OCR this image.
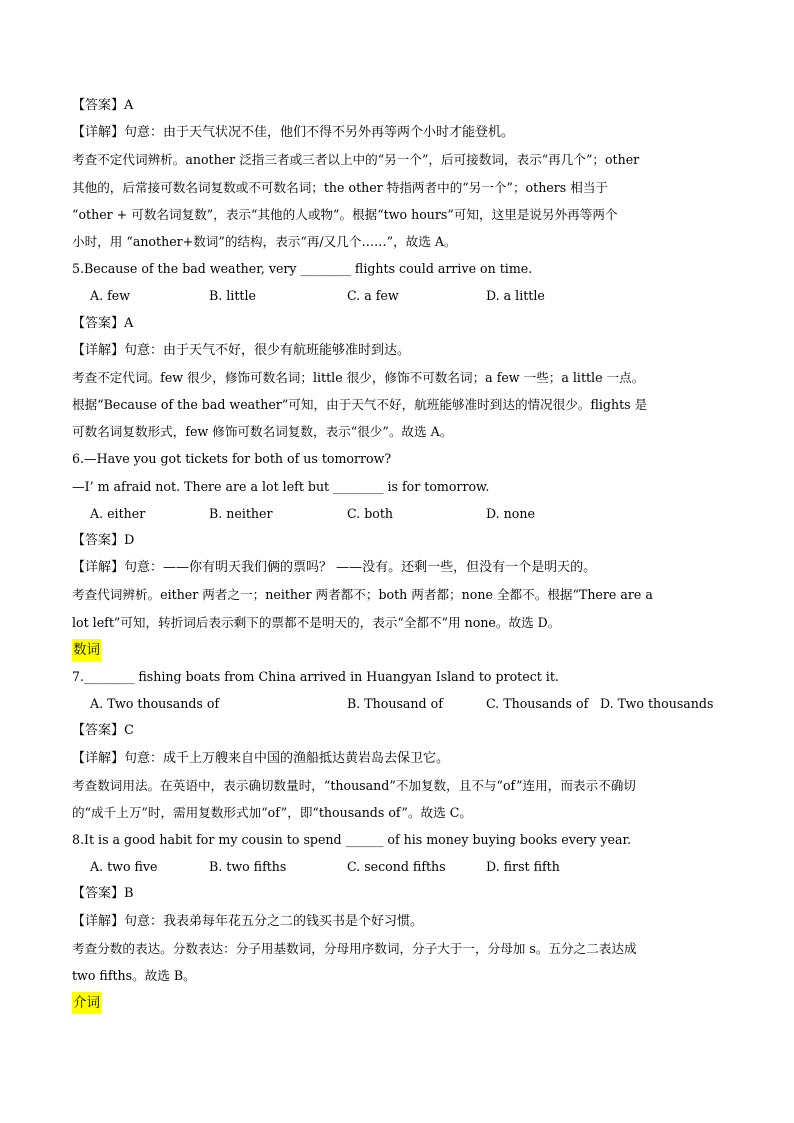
【答案】A
【详解】句意：由于天气状况不佳，他们不得不另外再等两个小时才能登机。
考查不定代词辨析。another 泛指三者或三者以上中的“另一个”，后可接数词，表示“再几个”；other
其他的，后常接可数名词复数或不可数名词；the other 特指两者中的“另一个”；others 相当于
“other + 可数名词复数”，表示“其他的人或物”。根据“two hours”可知，这里是说另外再等两个
小时，用 “another+数词”的结构，表示“再/又几个……”，故选 A。
5.Because of the bad weather, very ________ flights could arrive on time.
A. few	B. little	C. a few	D. a little
【答案】A
【详解】句意：由于天气不好，很少有航班能够准时到达。
考查不定代词。few 很少，修饰可数名词；little 很少，修饰不可数名词；a few 一些；a little 一点。
根据“Because of the bad weather”可知，由于天气不好，航班能够准时到达的情况很少。flights 是
可数名词复数形式，few 修饰可数名词复数，表示“很少”。故选 A。
6.—Have you got tickets for both of us tomorrow?
—I’ m afraid not. There are a lot left but ________ is for tomorrow.
A. either	B. neither	C. both	D. none
【答案】D
【详解】句意：——你有明天我们俩的票吗？ ——没有。还剩一些，但没有一个是明天的。
考查代词辨析。either 两者之一；neither 两者都不；both 两者都；none 全都不。根据“There are a
lot left”可知，转折词后表示剩下的票都不是明天的，表示“全都不”用 none。故选 D。
数词
7.________ fishing boats from China arrived in Huangyan Island to protect it.
A. Two thousands of	B. Thousand of	C. Thousands of D. Two thousands
【答案】C
【详解】句意：成千上万艘来自中国的渔船抵达黄岩岛去保卫它。
考查数词用法。在英语中，表示确切数量时，“thousand”不加复数，且不与“of”连用，而表示不确切
的“成千上万”时，需用复数形式加“of”，即“thousands of”。故选 C。
8.It is a good habit for my cousin to spend ______ of his money buying books every year.
A. two five	B. two fifths	C. second fifths	D. first fifth
【答案】B
【详解】句意：我表弟每年花五分之二的钱买书是个好习惯。
考查分数的表达。分数表达：分子用基数词，分母用序数词，分子大于一，分母加 s。五分之二表达成
two fifths。故选 B。
介词
